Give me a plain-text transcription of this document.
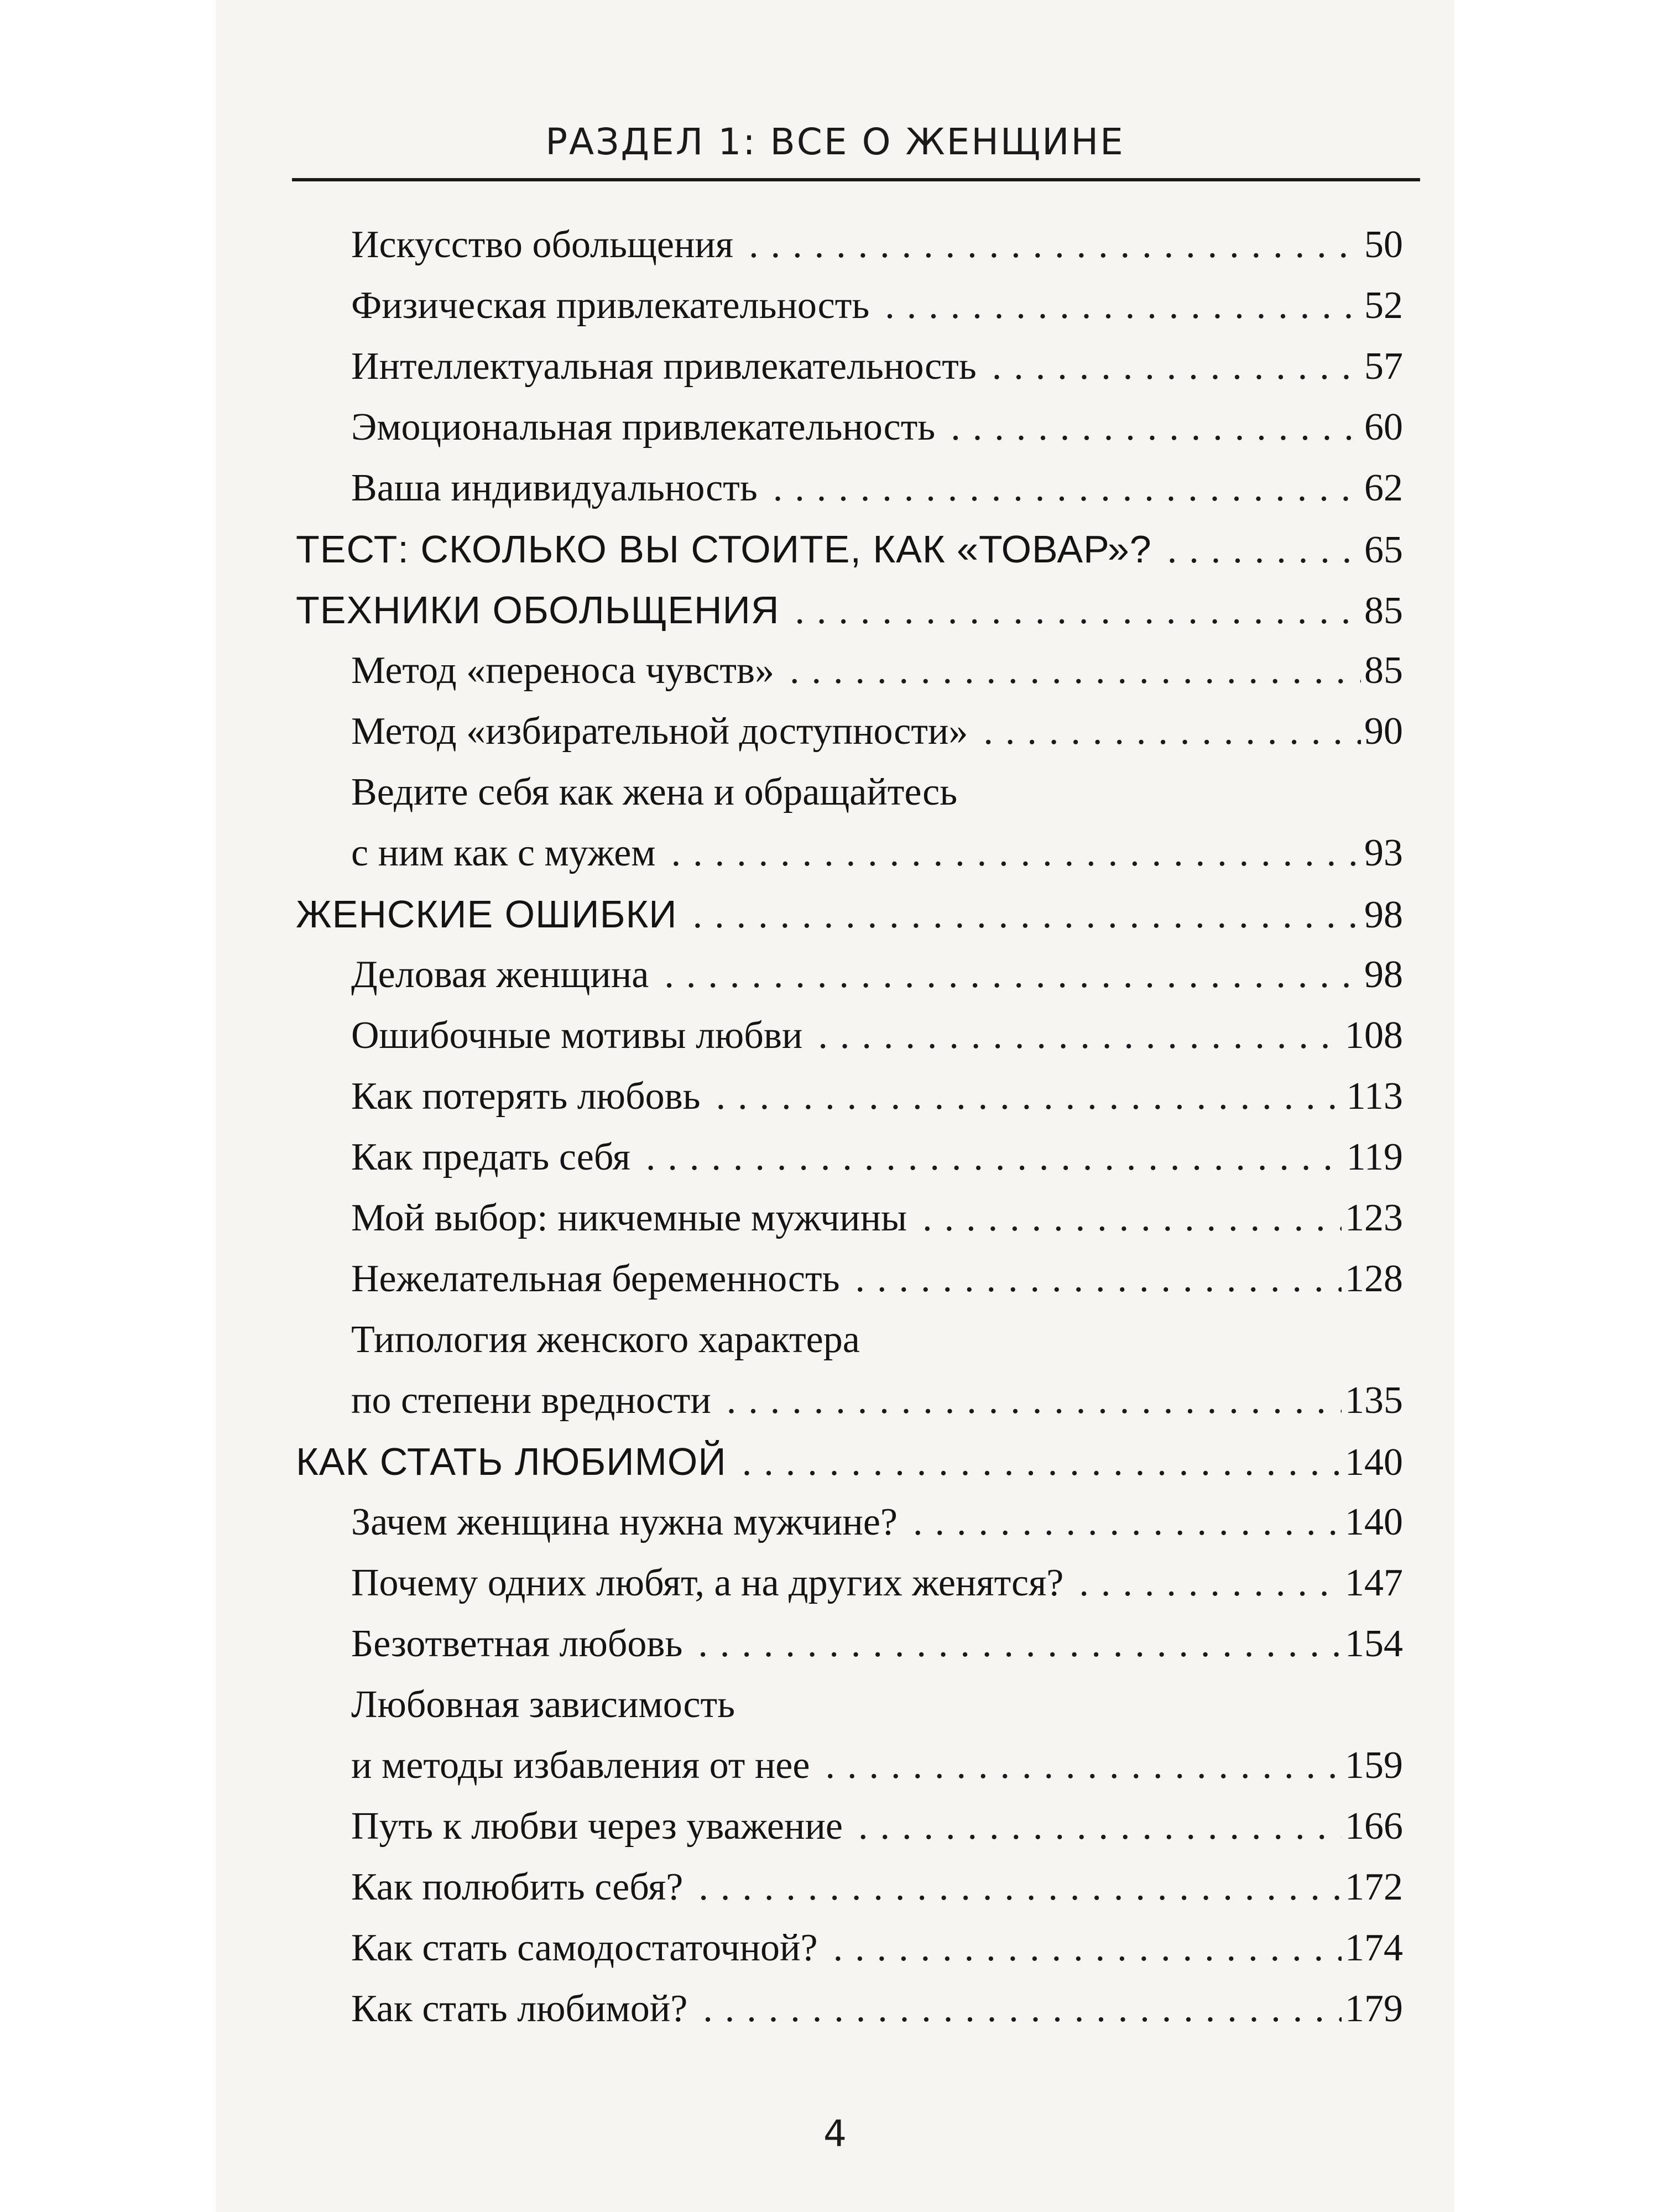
РАЗДЕЛ 1: ВСЕ О ЖЕНЩИНЕ
Искусство обольщения .....	50
Физическая привлекательность .....	52
Интеллектуальная привлекательность .....	57
Эмоциональная привлекательность .....	60
Ваша индивидуальность .....	62
ТЕСТ: СКОЛЬКО ВЫ СТОИТЕ, КАК «ТОВАР»? .....	65
ТЕХНИКИ ОБОЛЬЩЕНИЯ .....	85
Метод «переноса чувств» .....	85
Метод «избирательной доступности» .....	90
Ведите себя как жена и обращайтесь
с ним как с мужем .....	93
ЖЕНСКИЕ ОШИБКИ .....	98
Деловая женщина .....	98
Ошибочные мотивы любви .....	108
Как потерять любовь .....	113
Как предать себя .....	119
Мой выбор: никчемные мужчины .....	123
Нежелательная беременность .....	128
Типология женского характера
по степени вредности .....	135
КАК СТАТЬ ЛЮБИМОЙ .....	140
Зачем женщина нужна мужчине? .....	140
Почему одних любят, а на других женятся? .....	147
Безответная любовь .....	154
Любовная зависимость
и методы избавления от нее .....	159
Путь к любви через уважение .....	166
Как полюбить себя? .....	172
Как стать самодостаточной? .....	174
Как стать любимой? .....	179
4
